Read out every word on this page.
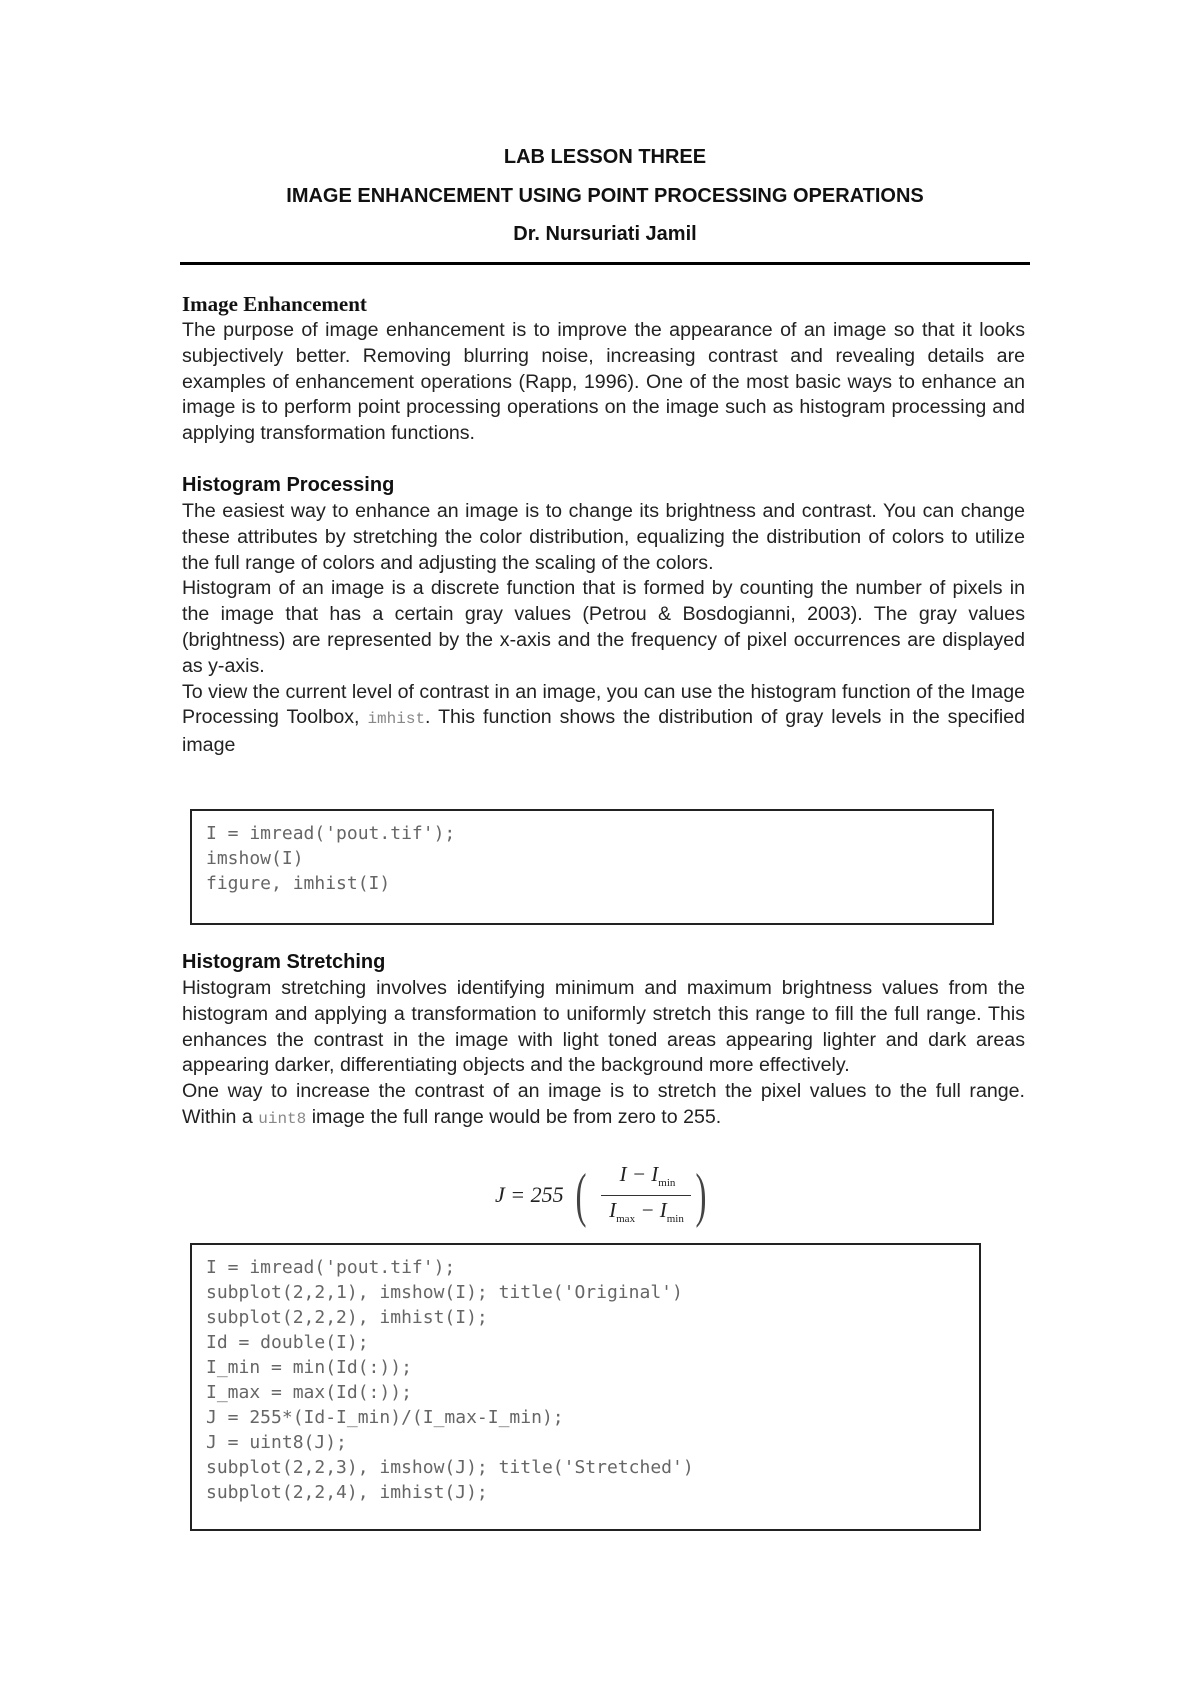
LAB LESSON THREE
IMAGE ENHANCEMENT USING POINT PROCESSING OPERATIONS
Dr. Nursuriati Jamil
Image Enhancement

The purpose of image enhancement is to improve the appearance of an image so that it looks subjectively better. Removing blurring noise, increasing contrast and revealing details are examples of enhancement operations (Rapp, 1996). One of the most basic ways to enhance an image is to perform point processing operations on the image such as histogram processing and applying transformation functions.

Histogram Processing

The easiest way to enhance an image is to change its brightness and contrast. You can change these attributes by stretching the color distribution, equalizing the distribution of colors to utilize the full range of colors and adjusting the scaling of the colors.

Histogram of an image is a discrete function that is formed by counting the number of pixels in the image that has a certain gray values (Petrou & Bosdogianni, 2003). The gray values (brightness) are represented by the x-axis and the frequency of pixel occurrences are displayed as y-axis.

To view the current level of contrast in an image, you can use the histogram function of the Image Processing Toolbox, imhist. This function shows the distribution of gray levels in the specified image

I = imread('pout.tif');
imshow(I)
figure, imhist(I)
Histogram Stretching

Histogram stretching involves identifying minimum and maximum brightness values from the histogram and applying a transformation to uniformly stretch this range to fill the full range. This enhances the contrast in the image with light toned areas appearing lighter and dark areas appearing darker, differentiating objects and the background more effectively.

One way to increase the contrast of an image is to stretch the pixel values to the full range. Within a uint8 image the full range would be from zero to 255.

J = 255 (	$I - I_{min}$
$I_{max} - I_{min}$ )
I = imread('pout.tif');
subplot(2,2,1), imshow(I); title('Original')
subplot(2,2,2), imhist(I);
Id = double(I);
I_min = min(Id(:));
I_max = max(Id(:));
J = 255*(Id-I_min)/(I_max-I_min);
J = uint8(J);
subplot(2,2,3), imshow(J); title('Stretched')
subplot(2,2,4), imhist(J);
